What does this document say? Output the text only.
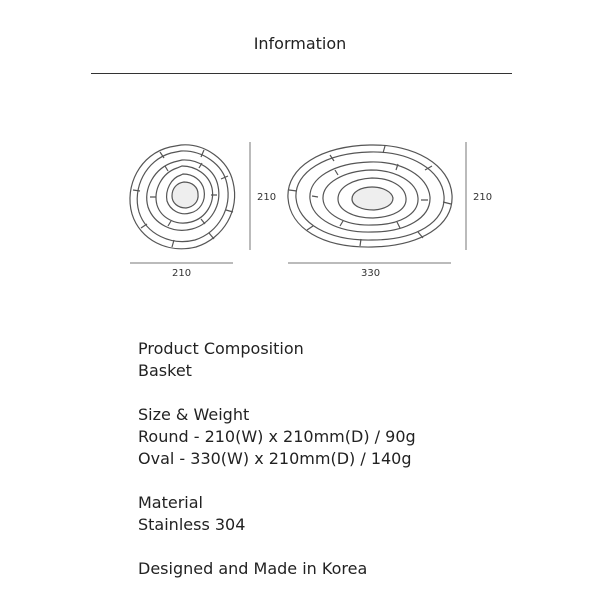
Information
210
210
210
330
Product Composition
Basket
Size & Weight
Round - 210(W) x 210mm(D) / 90g
Oval - 330(W) x 210mm(D) / 140g
Material
Stainless 304
Designed and Made in Korea
